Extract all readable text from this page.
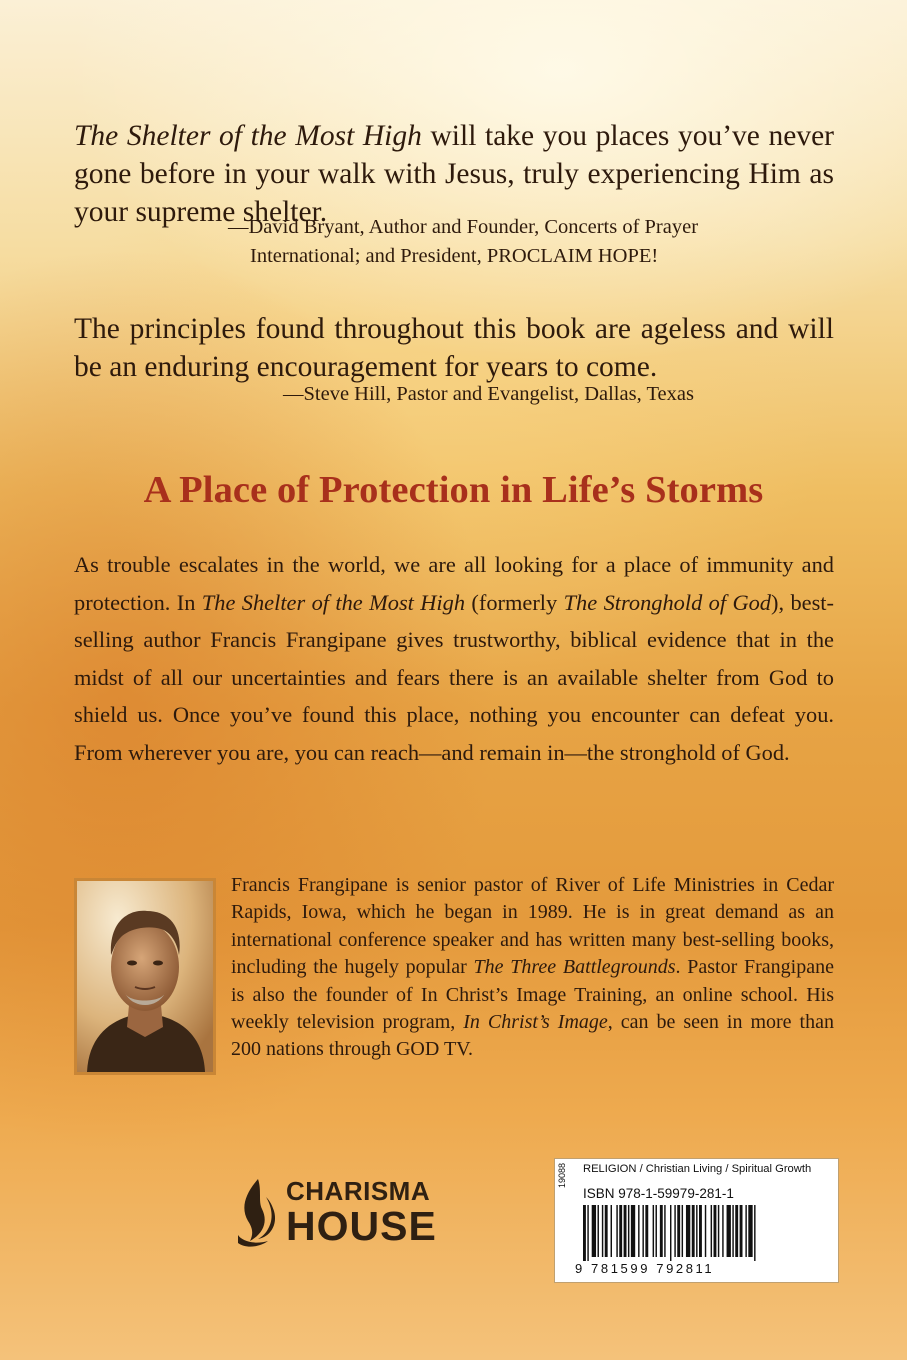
The Shelter of the Most High will take you places you’ve never gone before in your walk with Jesus, truly experiencing Him as your supreme shelter.

—David Bryant, Author and Founder, Concerts of Prayer
International; and President, PROCLAIM HOPE!

The principles found throughout this book are ageless and will be an enduring encouragement for years to come.

—Steve Hill, Pastor and Evangelist, Dallas, Texas

A Place of Protection in Life’s Storms

As trouble escalates in the world, we are all looking for a place of immunity and protection. In The Shelter of the Most High (formerly The Stronghold of God), best-selling author Francis Frangipane gives trustworthy, biblical evidence that in the midst of all our uncertainties and fears there is an available shelter from God to shield us. Once you’ve found this place, nothing you encounter can defeat you. From wherever you are, you can reach—and remain in—the stronghold of God.

Francis Frangipane is senior pastor of River of Life Ministries in Cedar Rapids, Iowa, which he began in 1989. He is in great demand as an international conference speaker and has written many best-selling books, including the hugely popular The Three Battlegrounds. Pastor Frangipane is also the founder of In Christ’s Image Training, an online school. His weekly television program, In Christ’s Image, can be seen in more than 200 nations through GOD TV.

CHARISMA
HOUSE
19088 RELIGION / Christian Living / Spiritual Growth
ISBN 978-1-59979-281-1
9 781599 792811
